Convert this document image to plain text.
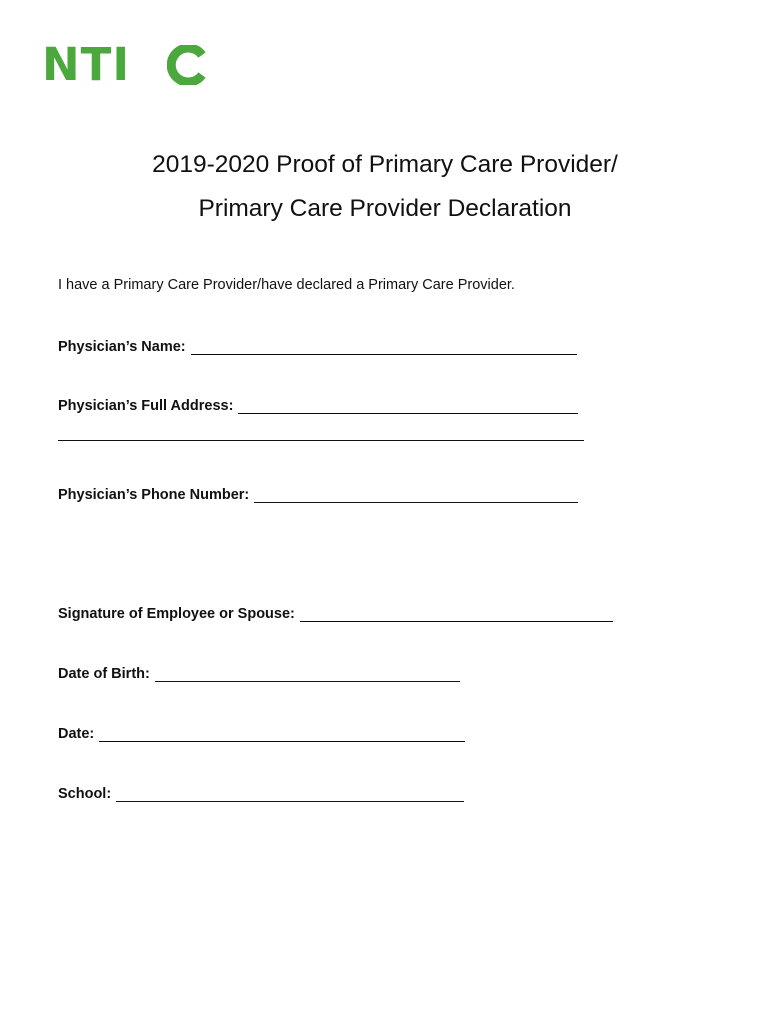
NTI
2019-2020 Proof of Primary Care Provider/
Primary Care Provider Declaration
I have a Primary Care Provider/have declared a Primary Care Provider.
Physician’s Name:
Physician’s Full Address:
Physician’s Phone Number:
Signature of Employee or Spouse:
Date of Birth:
Date:
School:
